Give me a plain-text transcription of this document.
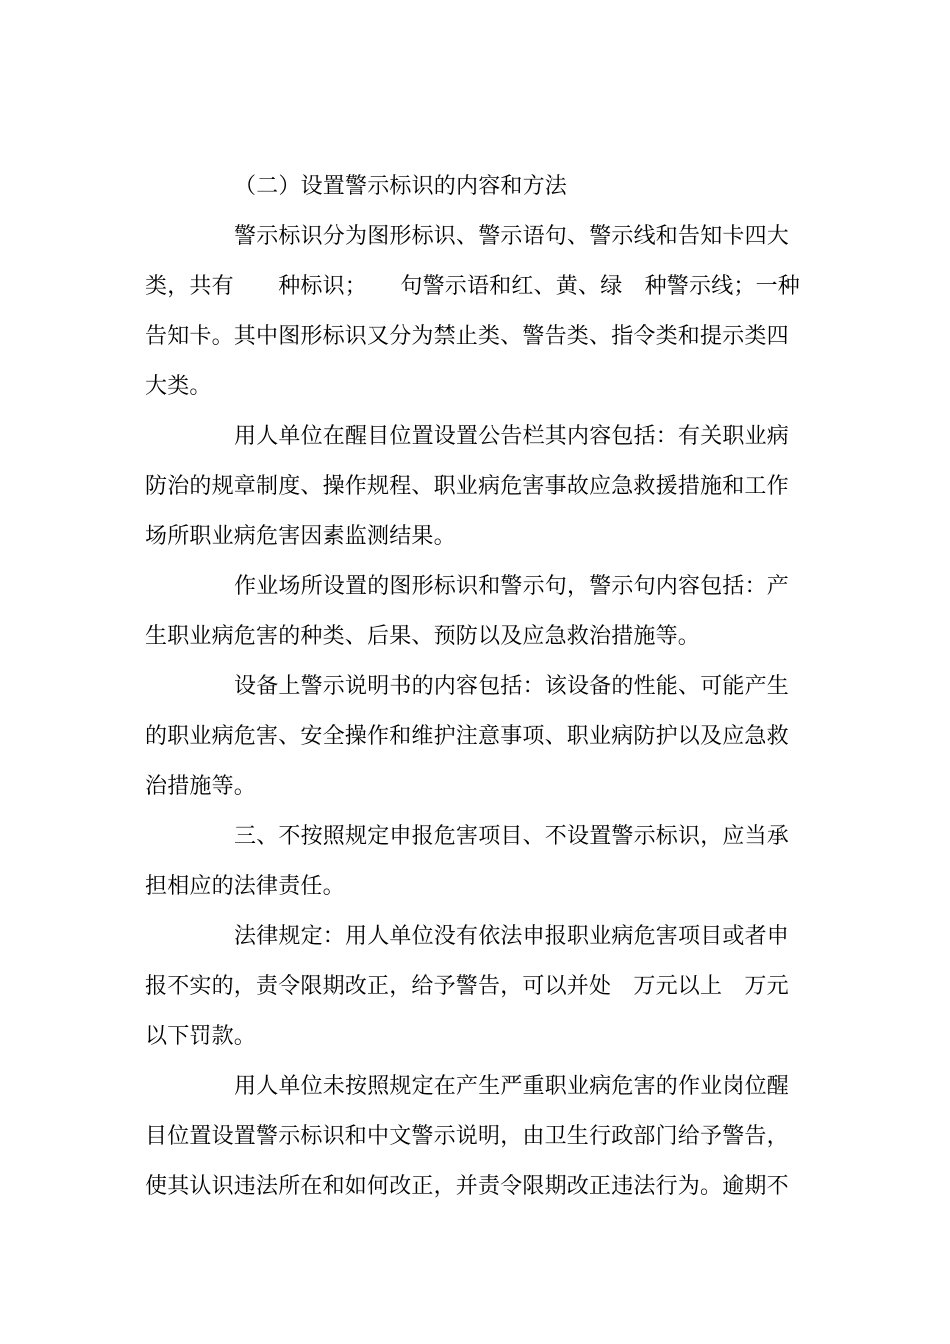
（二）设置警示标识的内容和方法
警示标识分为图形标识、警示语句、警示线和告知卡四大
类，共有　　种标识；　　句警示语和红、黄、绿　种警示线；一种
告知卡。其中图形标识又分为禁止类、警告类、指令类和提示类四
大类。
用人单位在醒目位置设置公告栏其内容包括：有关职业病
防治的规章制度、操作规程、职业病危害事故应急救援措施和工作
场所职业病危害因素监测结果。
作业场所设置的图形标识和警示句，警示句内容包括：产
生职业病危害的种类、后果、预防以及应急救治措施等。
设备上警示说明书的内容包括：该设备的性能、可能产生
的职业病危害、安全操作和维护注意事项、职业病防护以及应急救
治措施等。
三、不按照规定申报危害项目、不设置警示标识，应当承
担相应的法律责任。
法律规定：用人单位没有依法申报职业病危害项目或者申
报不实的，责令限期改正，给予警告，可以并处　万元以上　万元
以下罚款。
用人单位未按照规定在产生严重职业病危害的作业岗位醒
目位置设置警示标识和中文警示说明，由卫生行政部门给予警告，
使其认识违法所在和如何改正，并责令限期改正违法行为。逾期不
